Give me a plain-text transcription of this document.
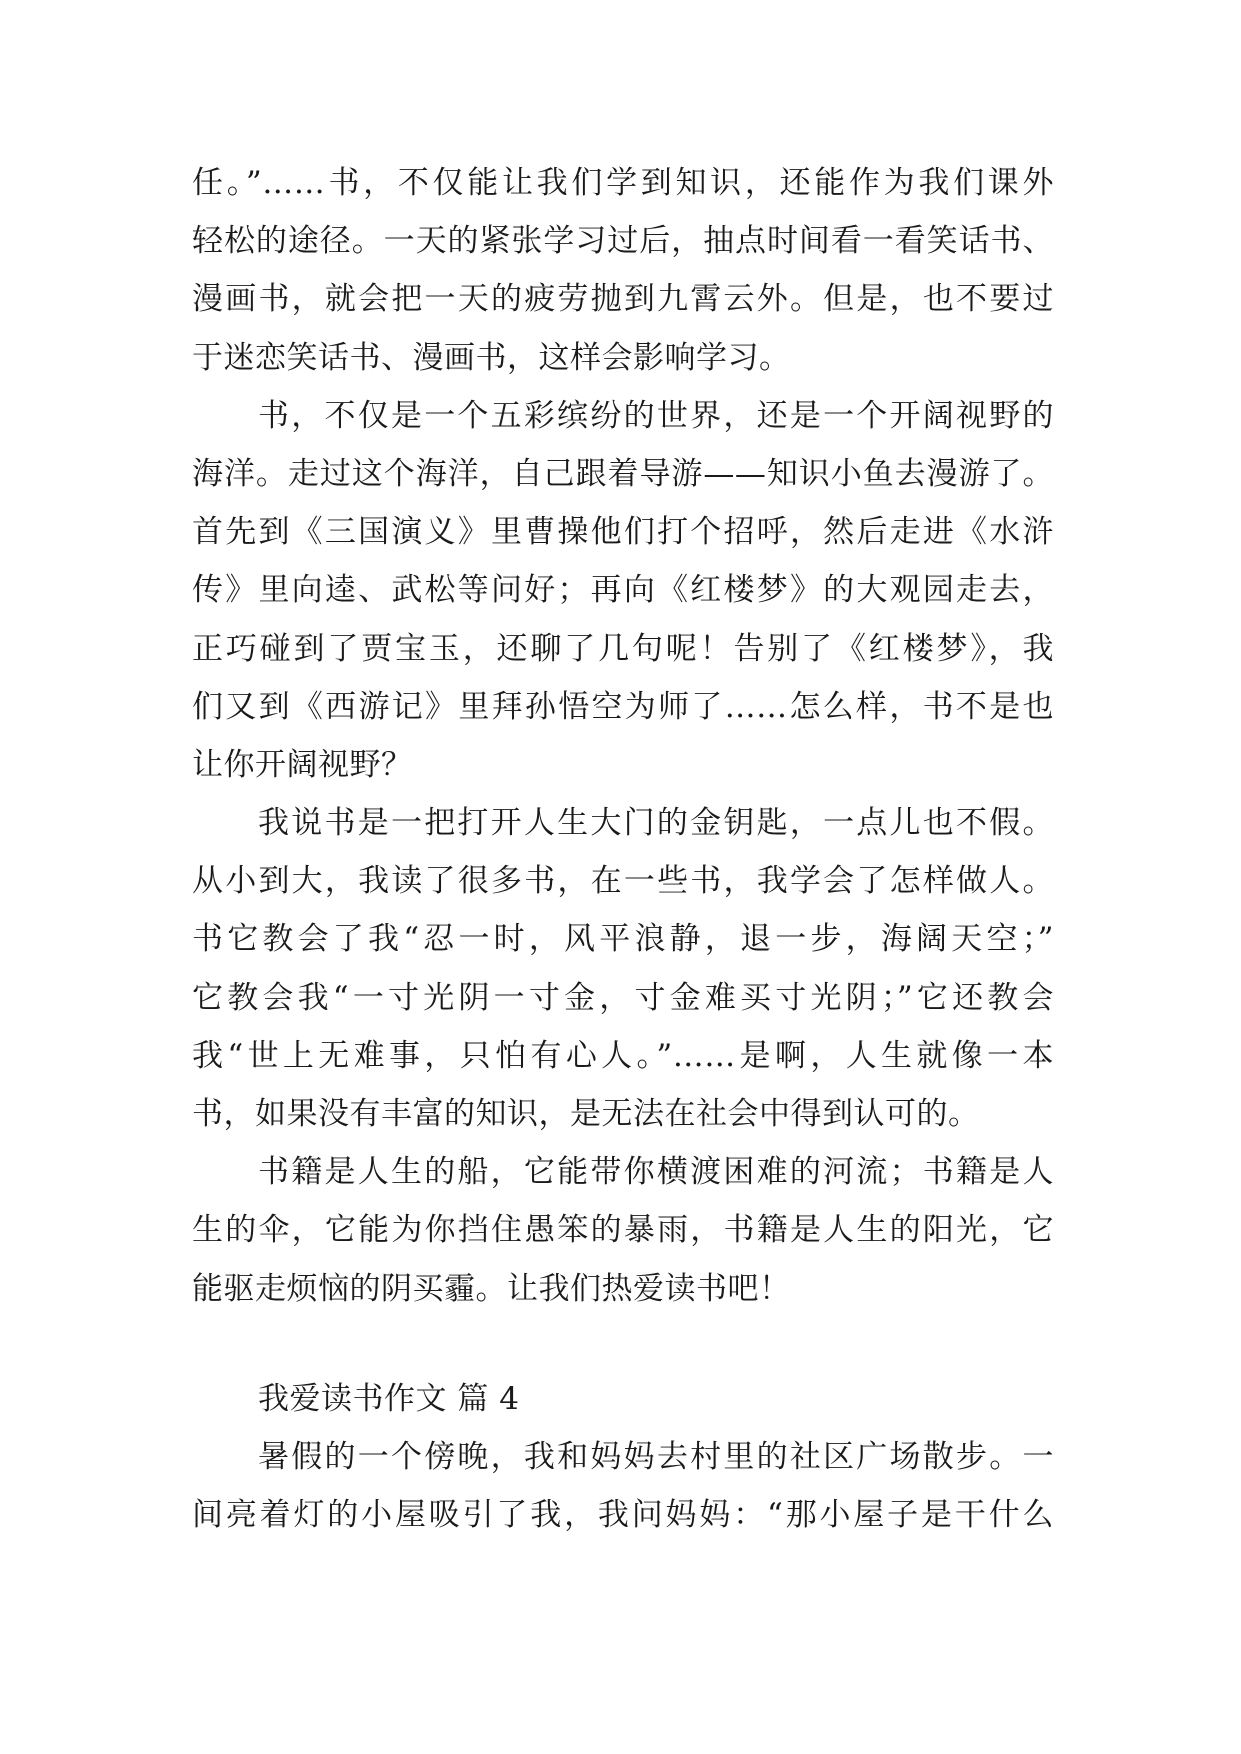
任。”……书，不仅能让我们学到知识，还能作为我们课外
轻松的途径。一天的紧张学习过后，抽点时间看一看笑话书、
漫画书，就会把一天的疲劳抛到九霄云外。但是，也不要过
于迷恋笑话书、漫画书，这样会影响学习。
书，不仅是一个五彩缤纷的世界，还是一个开阔视野的
海洋。走过这个海洋，自己跟着导游——知识小鱼去漫游了。
首先到《三国演义》里曹操他们打个招呼，然后走进《水浒
传》里向逵、武松等问好；再向《红楼梦》的大观园走去，
正巧碰到了贾宝玉，还聊了几句呢！告别了《红楼梦》，我
们又到《西游记》里拜孙悟空为师了……怎么样，书不是也
让你开阔视野？
我说书是一把打开人生大门的金钥匙，一点儿也不假。
从小到大，我读了很多书，在一些书，我学会了怎样做人。
书它教会了我“忍一时，风平浪静，退一步，海阔天空；”
它教会我“一寸光阴一寸金，寸金难买寸光阴；”它还教会
我“世上无难事，只怕有心人。”……是啊，人生就像一本
书，如果没有丰富的知识，是无法在社会中得到认可的。
书籍是人生的船，它能带你横渡困难的河流；书籍是人
生的伞，它能为你挡住愚笨的暴雨，书籍是人生的阳光，它
能驱走烦恼的阴买霾。让我们热爱读书吧！
我爱读书作文 篇 4
暑假的一个傍晚，我和妈妈去村里的社区广场散步。一
间亮着灯的小屋吸引了我，我问妈妈：“那小屋子是干什么
